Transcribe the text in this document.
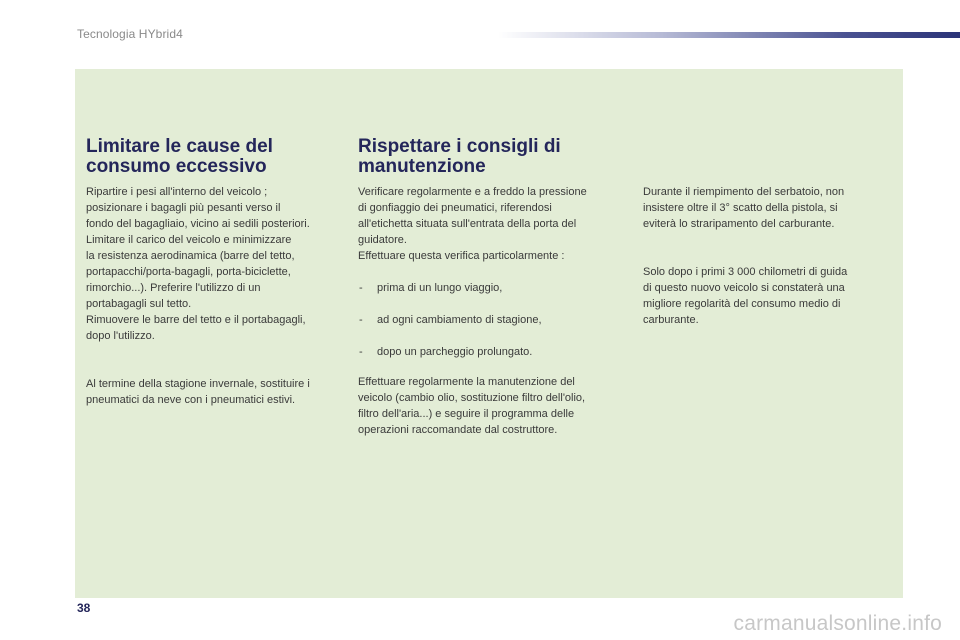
Tecnologia HYbrid4
Limitare le cause del
consumo eccessivo

Ripartire i pesi all'interno del veicolo ;
posizionare i bagagli più pesanti verso il
fondo del bagagliaio, vicino ai sedili posteriori.
Limitare il carico del veicolo e minimizzare
la resistenza aerodinamica (barre del tetto,
portapacchi/porta-bagagli, porta-biciclette,
rimorchio...). Preferire l'utilizzo di un
portabagagli sul tetto.
Rimuovere le barre del tetto e il portabagagli,
dopo l'utilizzo.

Al termine della stagione invernale, sostituire i
pneumatici da neve con i pneumatici estivi.

Rispettare i consigli di
manutenzione

Verificare regolarmente e a freddo la pressione
di gonfiaggio dei pneumatici, riferendosi
all'etichetta situata sull'entrata della porta del
guidatore.
Effettuare questa verifica particolarmente :

- prima di un lungo viaggio,

- ad ogni cambiamento di stagione,

- dopo un parcheggio prolungato.

Effettuare regolarmente la manutenzione del
veicolo (cambio olio, sostituzione filtro dell'olio,
filtro dell'aria...) e seguire il programma delle
operazioni raccomandate dal costruttore.

Durante il riempimento del serbatoio, non
insistere oltre il 3° scatto della pistola, si
eviterà lo straripamento del carburante.

Solo dopo i primi 3 000 chilometri di guida
di questo nuovo veicolo si constaterà una
migliore regolarità del consumo medio di
carburante.

38
carmanualsonline.info
